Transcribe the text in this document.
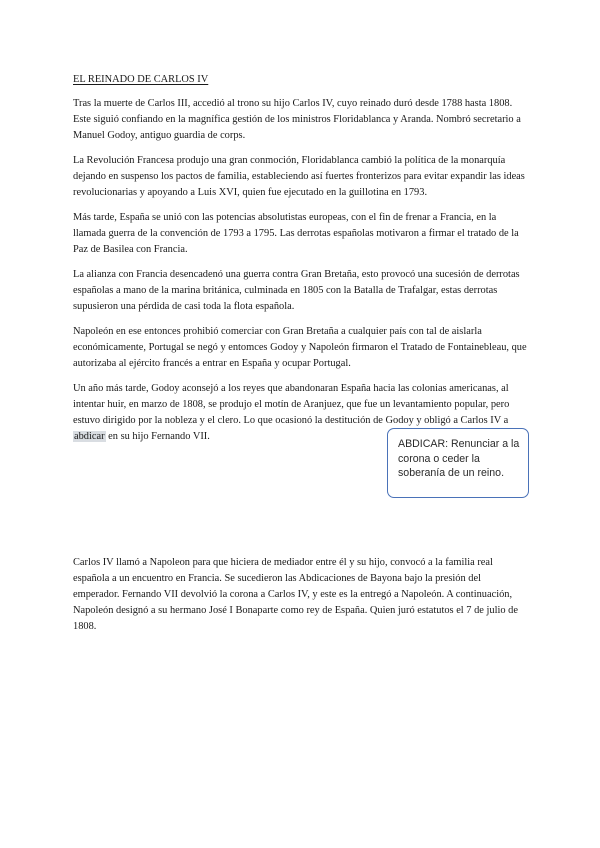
EL REINADO DE CARLOS IV

Tras la muerte de Carlos III, accedió al trono su hijo Carlos IV, cuyo reinado duró desde 1788 hasta 1808. Este siguió confiando en la magnífica gestión de los ministros Floridablanca y Aranda. Nombró secretario a Manuel Godoy, antiguo guardia de corps.

La Revolución Francesa produjo una gran conmoción, Floridablanca cambió la política de la monarquía dejando en suspenso los pactos de familia, estableciendo así fuertes fronterizos para evitar expandir las ideas revolucionarias y apoyando a Luis XVI, quien fue ejecutado en la guillotina en 1793.

Más tarde, España se unió con las potencias absolutistas europeas, con el fin de frenar a Francia, en la llamada guerra de la convención de 1793 a 1795. Las derrotas españolas motivaron a firmar el tratado de la Paz de Basilea con Francia.

La alianza con Francia desencadenó una guerra contra Gran Bretaña, esto provocó una sucesión de derrotas españolas a mano de la marina británica, culminada en 1805 con la Batalla de Trafalgar, estas derrotas supusieron una pérdida de casi toda la flota española.

Napoleón en ese entonces prohibió comerciar con Gran Bretaña a cualquier país con tal de aislarla económicamente, Portugal se negó y entomces Godoy y Napoleón firmaron el Tratado de Fontainebleau, que autorizaba al ejército francés a entrar en España y ocupar Portugal.

Un año más tarde, Godoy aconsejó a los reyes que abandonaran España hacia las colonias americanas, al intentar huir, en marzo de 1808, se produjo el motín de Aranjuez, que fue un levantamiento popular, pero estuvo dirigido por la nobleza y el clero. Lo que ocasionó la destitución de Godoy y obligó a Carlos IV a abdicar en su hijo Fernando VII.

ABDICAR: Renunciar a la corona o ceder la soberanía de un reino.

Carlos IV llamó a Napoleon para que hiciera de mediador entre él y su hijo, convocó a la familia real española a un encuentro en Francia. Se sucedieron las Abdicaciones de Bayona bajo la presión del emperador. Fernando VII devolvió la corona a Carlos IV, y este es la entregó a Napoleón. A continuación, Napoleón designó a su hermano José I Bonaparte como rey de España. Quien juró estatutos el 7 de julio de 1808.
